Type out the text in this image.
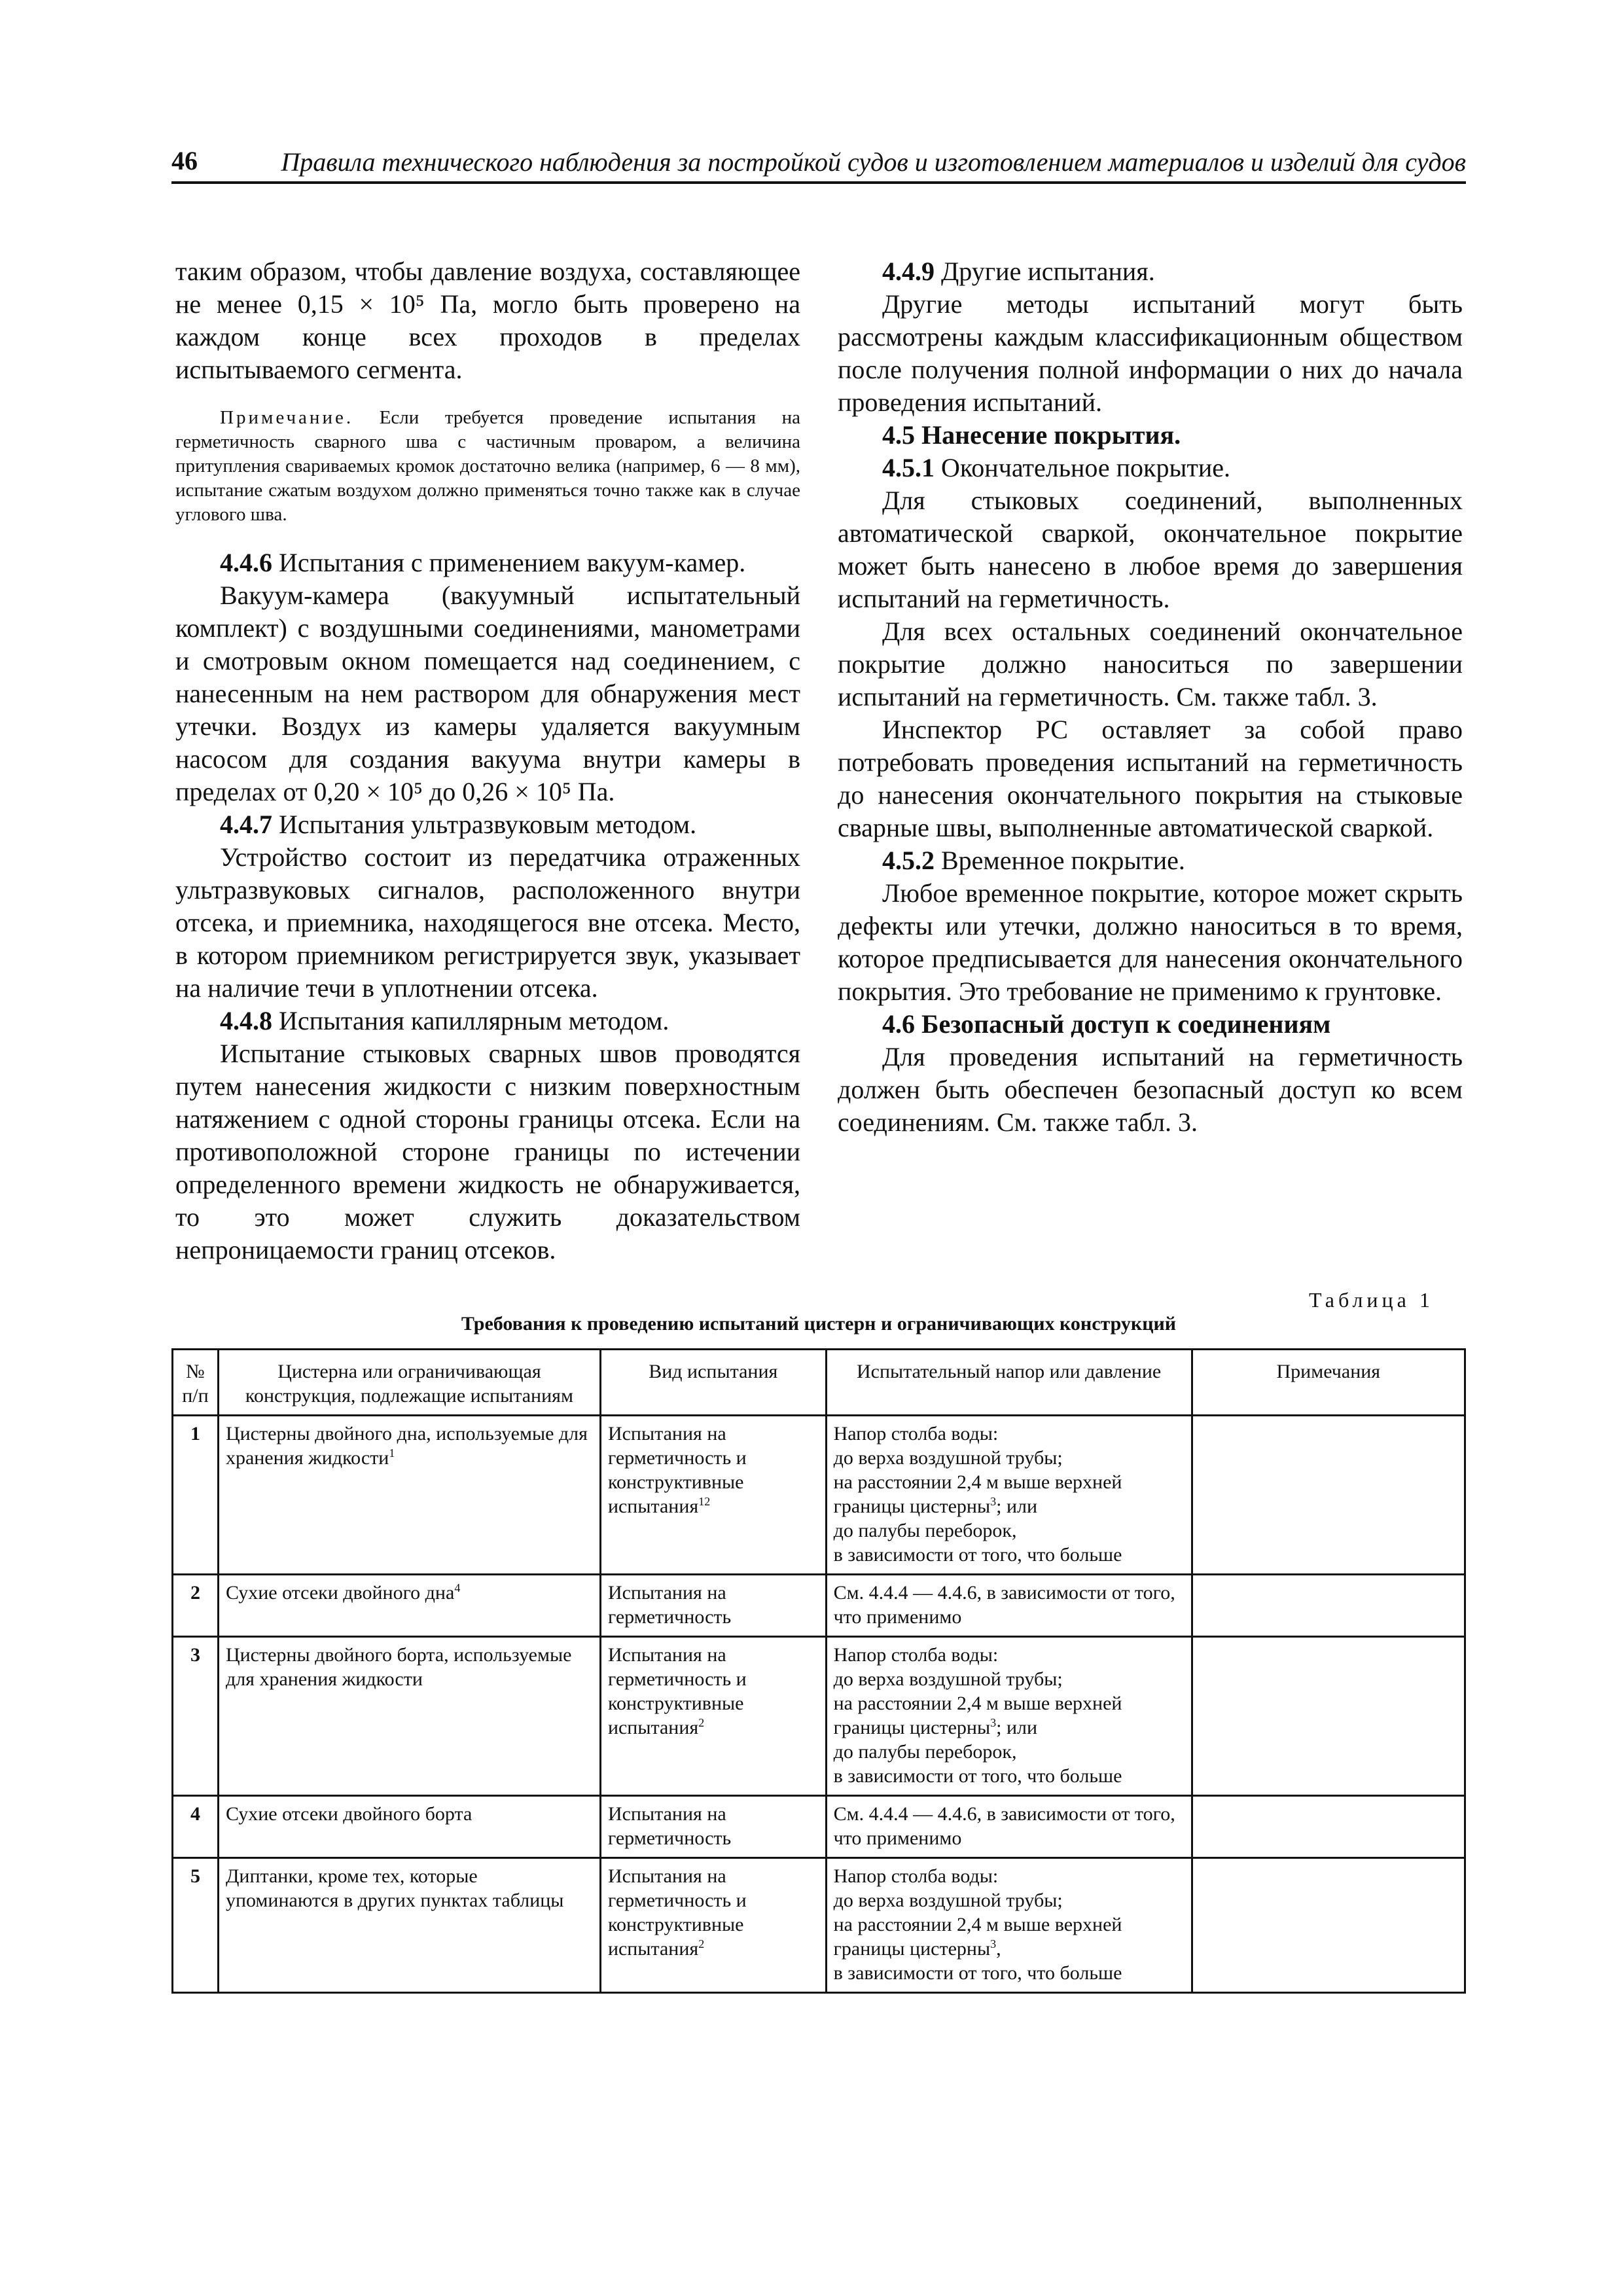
46	Правила технического наблюдения за постройкой судов и изготовлением материалов и изделий для судов

таким образом, чтобы давление воздуха, составляющее не менее 0,15 × 10⁵ Па, могло быть проверено на каждом конце всех проходов в пределах испытываемого сегмента.

Примечание. Если требуется проведение испытания на герметичность сварного шва с частичным проваром, а величина притупления свариваемых кромок достаточно велика (например, 6 — 8 мм), испытание сжатым воздухом должно применяться точно также как в случае углового шва.

4.4.6 Испытания с применением вакуум-камер.

Вакуум-камера (вакуумный испытательный комплект) с воздушными соединениями, манометрами и смотровым окном помещается над соединением, с нанесенным на нем раствором для обнаружения мест утечки. Воздух из камеры удаляется вакуумным насосом для создания вакуума внутри камеры в пределах от 0,20 × 10⁵ до 0,26 × 10⁵ Па.

4.4.7 Испытания ультразвуковым методом.

Устройство состоит из передатчика отраженных ультразвуковых сигналов, расположенного внутри отсека, и приемника, находящегося вне отсека. Место, в котором приемником регистрируется звук, указывает на наличие течи в уплотнении отсека.

4.4.8 Испытания капиллярным методом.

Испытание стыковых сварных швов проводятся путем нанесения жидкости с низким поверхностным натяжением с одной стороны границы отсека. Если на противоположной стороне границы по истечении определенного времени жидкость не обнаруживается, то это может служить доказательством непроницаемости границ отсеков.

4.4.9 Другие испытания.

Другие методы испытаний могут быть рассмотрены каждым классификационным обществом после получения полной информации о них до начала проведения испытаний.

4.5 Нанесение покрытия.

4.5.1 Окончательное покрытие.

Для стыковых соединений, выполненных автоматической сваркой, окончательное покрытие может быть нанесено в любое время до завершения испытаний на герметичность.

Для всех остальных соединений окончательное покрытие должно наноситься по завершении испытаний на герметичность. См. также табл. 3.

Инспектор РС оставляет за собой право потребовать проведения испытаний на герметичность до нанесения окончательного покрытия на стыковые сварные швы, выполненные автоматической сваркой.

4.5.2 Временное покрытие.

Любое временное покрытие, которое может скрыть дефекты или утечки, должно наноситься в то время, которое предписывается для нанесения окончательного покрытия. Это требование не применимо к грунтовке.

4.6 Безопасный доступ к соединениям

Для проведения испытаний на герметичность должен быть обеспечен безопасный доступ ко всем соединениям. См. также табл. 3.

Таблица 1
Требования к проведению испытаний цистерн и ограничивающих конструкций
№ п/п	Цистерна или ограничивающая конструкция, подлежащие испытаниям	Вид испытания	Испытательный напор или давление	Примечания
1	Цистерны двойного дна, используемые для хранения жидкости$^1$	Испытания на герметичность и конструктивные испытания$^{12}$	Напор столба воды:
до верха воздушной трубы;
на расстоянии 2,4 м выше верхней границы цистерны$^3$; или
до палубы переборок,
в зависимости от того, что больше	
2	Сухие отсеки двойного дна$^4$	Испытания на герметичность	См. 4.4.4 — 4.4.6, в зависимости от того, что применимо	
3	Цистерны двойного борта, используемые для хранения жидкости	Испытания на герметичность и конструктивные испытания$^2$	Напор столба воды:
до верха воздушной трубы;
на расстоянии 2,4 м выше верхней границы цистерны$^3$; или
до палубы переборок,
в зависимости от того, что больше	
4	Сухие отсеки двойного борта	Испытания на герметичность	См. 4.4.4 — 4.4.6, в зависимости от того, что применимо	
5	Диптанки, кроме тех, которые упоминаются в других пунктах таблицы	Испытания на герметичность и конструктивные испытания$^2$	Напор столба воды:
до верха воздушной трубы;
на расстоянии 2,4 м выше верхней границы цистерны$^3$,
в зависимости от того, что больше	
